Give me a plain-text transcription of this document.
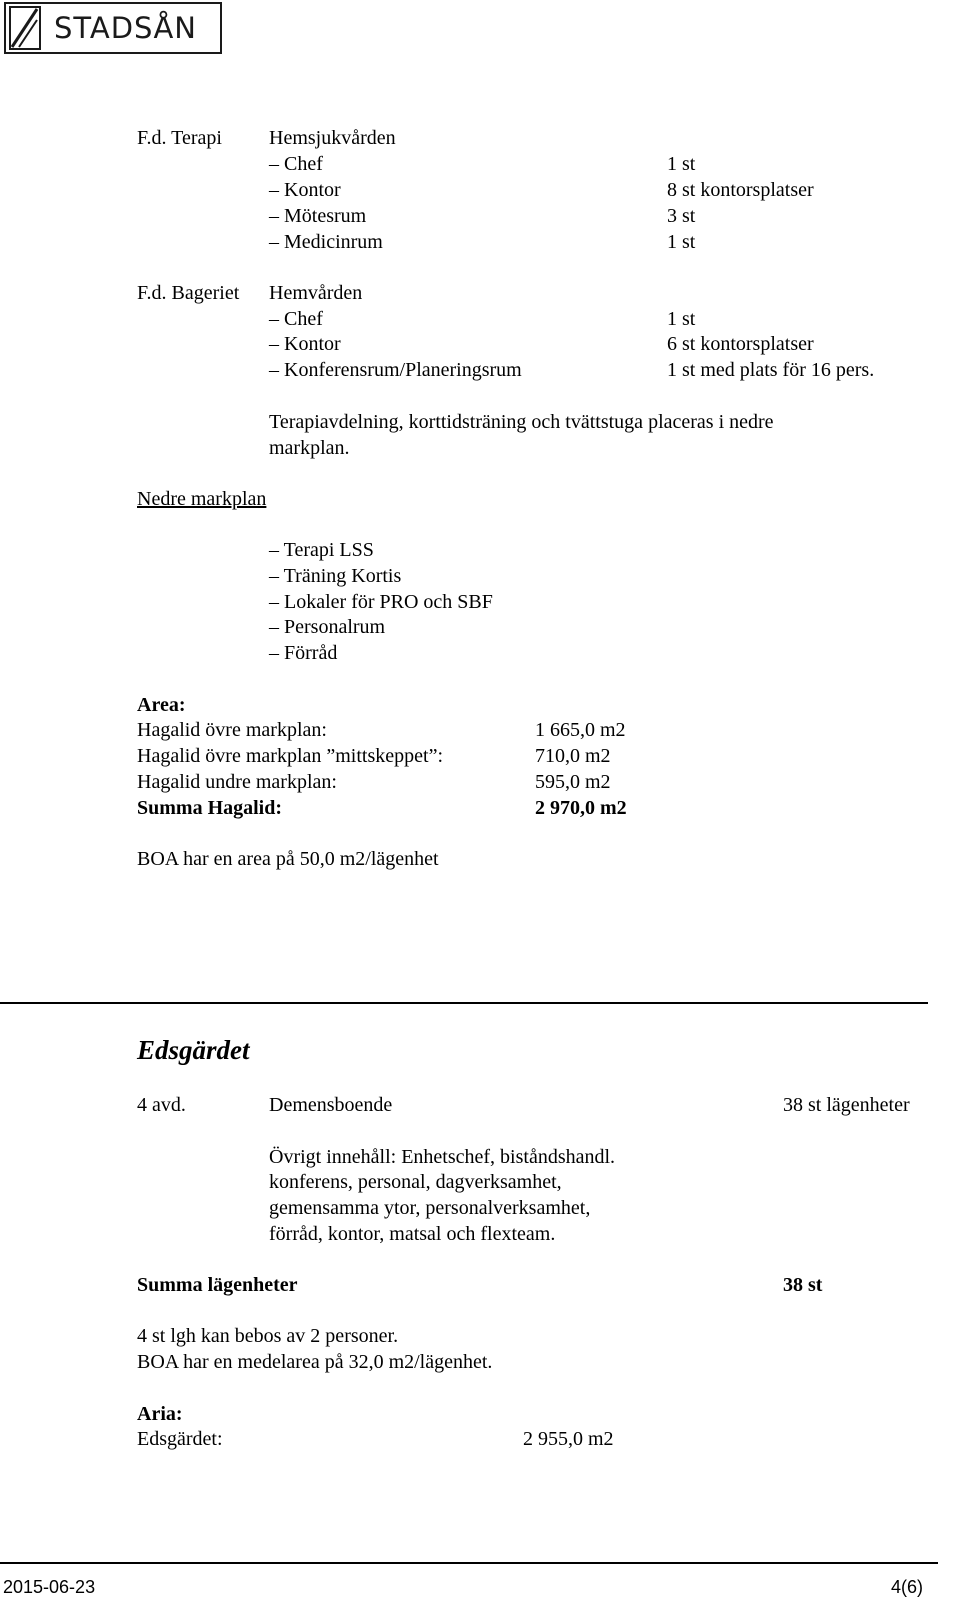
STADSÅN
F.d. Terapi Hemsjukvården
– Chef	1 st
– Kontor	8 st kontorsplatser
– Mötesrum	3 st
– Medicinrum	1 st
F.d. Bageriet Hemvården
– Chef	1 st
– Kontor	6 st kontorsplatser
– Konferensrum/Planeringsrum	1 st med plats för 16 pers.
Terapiavdelning, korttidsträning och tvättstuga placeras i nedre
markplan.
Nedre markplan
– Terapi LSS
– Träning Kortis
– Lokaler för PRO och SBF
– Personalrum
– Förråd
Area:
Hagalid övre markplan:	1 665,0 m2
Hagalid övre markplan ”mittskeppet”:	710,0 m2
Hagalid undre markplan:	595,0 m2
Summa Hagalid:	2 970,0 m2
BOA har en area på 50,0 m2/lägenhet
Edsgärdet
4 avd.	Demensboende	38 st lägenheter
Övrigt innehåll: Enhetschef, biståndshandl.
konferens, personal, dagverksamhet,
gemensamma ytor, personalverksamhet,
förråd, kontor, matsal och flexteam.
Summa lägenheter	38 st
4 st lgh kan bebos av 2 personer.
BOA har en medelarea på 32,0 m2/lägenhet.
Aria:
Edsgärdet:	2 955,0 m2
2015-06-23	4(6)
